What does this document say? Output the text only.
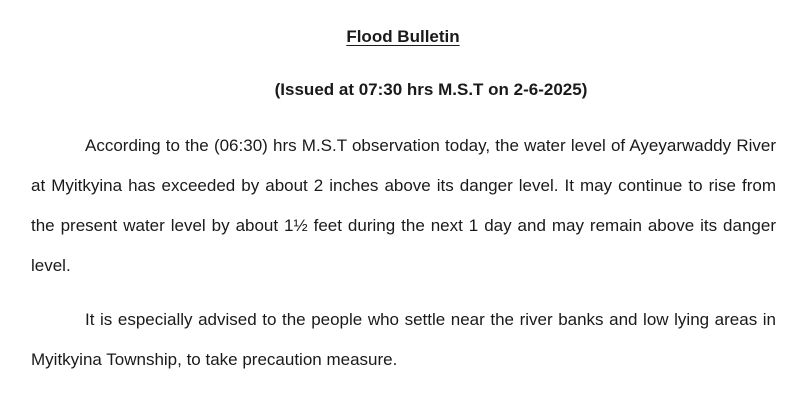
Flood Bulletin
(Issued at 07:30 hrs M.S.T on 2-6-2025)

According to the (06:30) hrs M.S.T observation today, the water level of Ayeyarwaddy River at Myitkyina has exceeded by about 2 inches above its danger level. It may continue to rise from the present water level by about 1½ feet during the next 1 day and may remain above its danger level.

It is especially advised to the people who settle near the river banks and low lying areas in Myitkyina Township, to take precaution measure.
